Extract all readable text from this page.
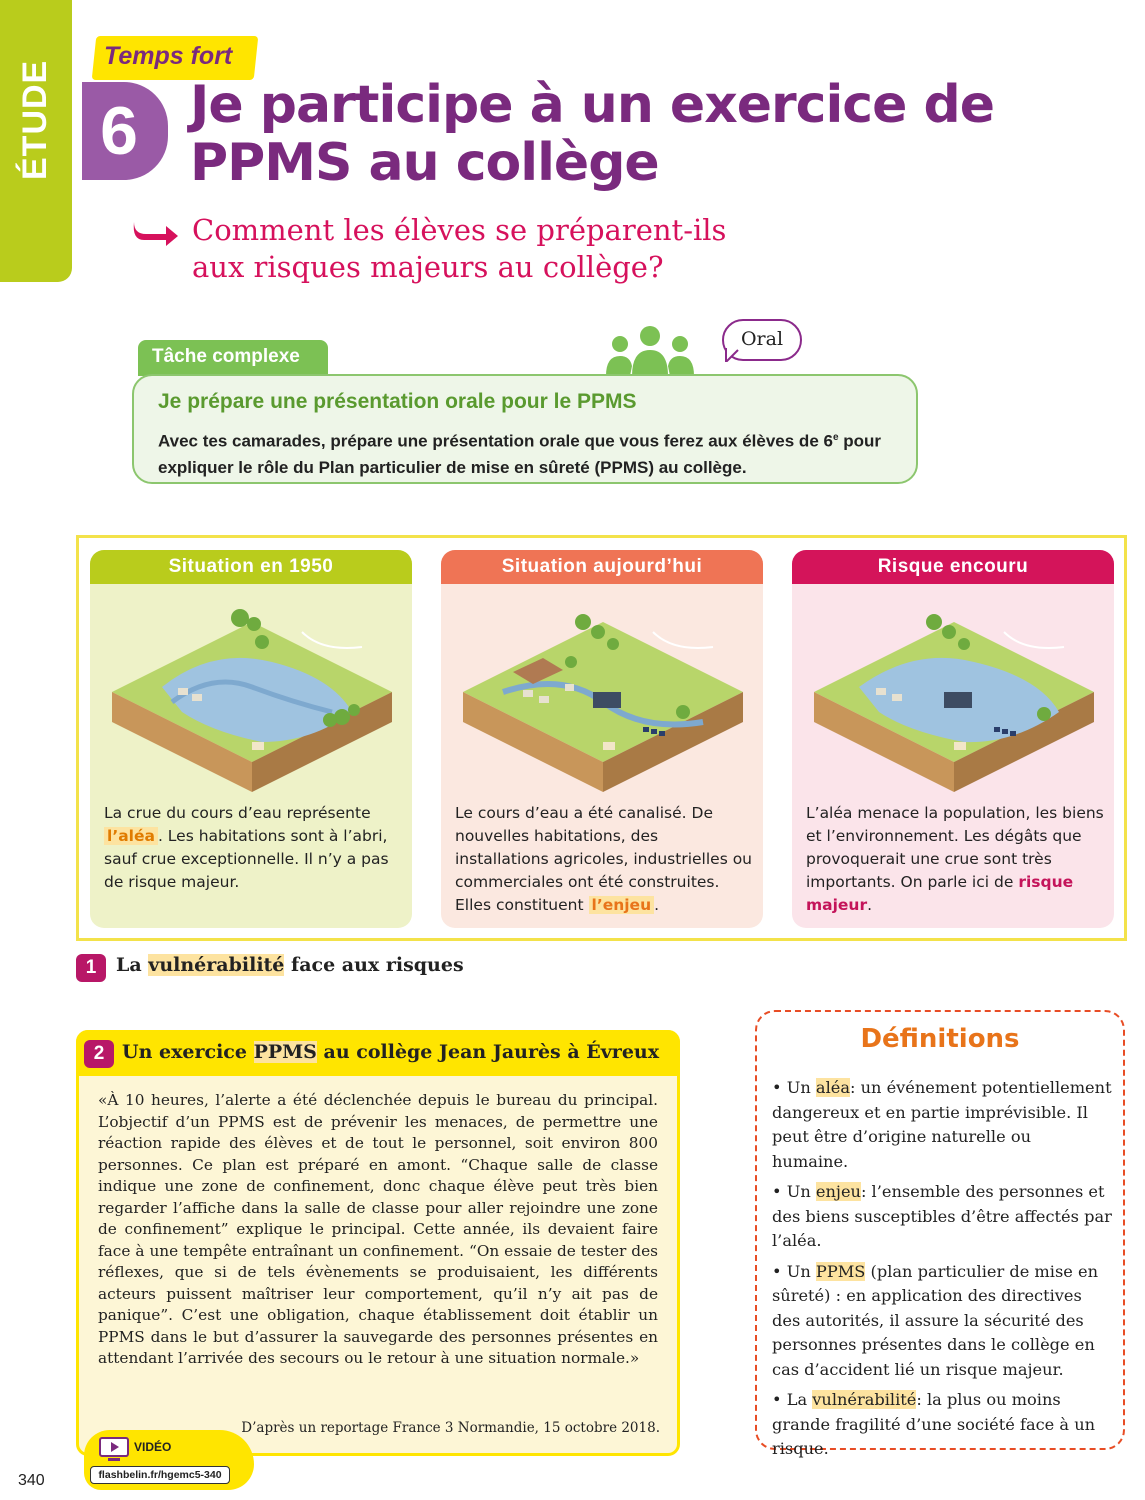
ÉTUDE
Temps fort
6	Je participe à un exercice de PPMS au collège
Comment les élèves se préparent-ils
aux risques majeurs au collège?
Oral
Tâche complexe
Je prépare une présentation orale pour le PPMS
Avec tes camarades, prépare une présentation orale que vous ferez aux élèves de 6e pour expliquer le rôle du Plan particulier de mise en sûreté (PPMS) au collège.
Situation en 1950
La crue du cours d’eau représente l’aléa . Les habitations sont à l’abri, sauf crue exceptionnelle. Il n’y a pas de risque majeur.
Situation aujourd’hui
Le cours d’eau a été canalisé. De nouvelles habitations, des installations agricoles, industrielles ou commerciales ont été construites. Elles constituent l’enjeu .
Risque encouru
L’aléa menace la population, les biens et l’environnement. Les dégâts que provoquerait une crue sont très importants. On parle ici de risque majeur.
1	La vulnérabilité face aux risques
2 Un exercice PPMS au collège Jean Jaurès à Évreux
«À 10 heures, l’alerte a été déclenchée depuis le bureau du principal. L’objectif d’un PPMS est de prévenir les menaces, de permettre une réaction rapide des élèves et de tout le personnel, soit environ 800 personnes. Ce plan est préparé en amont. “Chaque salle de classe indique une zone de confinement, donc chaque élève peut très bien regarder l’affiche dans la salle de classe pour aller rejoindre une zone de confinement” explique le principal. Cette année, ils devaient faire face à une tempête entraînant un confinement. “On essaie de tester des réflexes, que si de tels évènements se produisaient, les différents acteurs puissent maîtriser leur comportement, qu’il n’y ait pas de panique”. C’est une obligation, chaque établissement doit établir un PPMS dans le but d’assurer la sauvegarde des personnes présentes en attendant l’arrivée des secours ou le retour à une situation normale.»
D’après un reportage France 3 Normandie, 15 octobre 2018.
VIDÉO
flashbelin.fr/hgemc5-340
340
Définitions

• Un aléa: un événement potentiellement dangereux et en partie imprévisible. Il peut être d’origine naturelle ou humaine.

• Un enjeu: l’ensemble des personnes et des biens susceptibles d’être affectés par l’aléa.

• Un PPMS (plan particulier de mise en sûreté) : en application des directives des autorités, il assure la sécurité des personnes présentes dans le collège en cas d’accident lié un risque majeur.

• La vulnérabilité: la plus ou moins grande fragilité d’une société face à un risque.
